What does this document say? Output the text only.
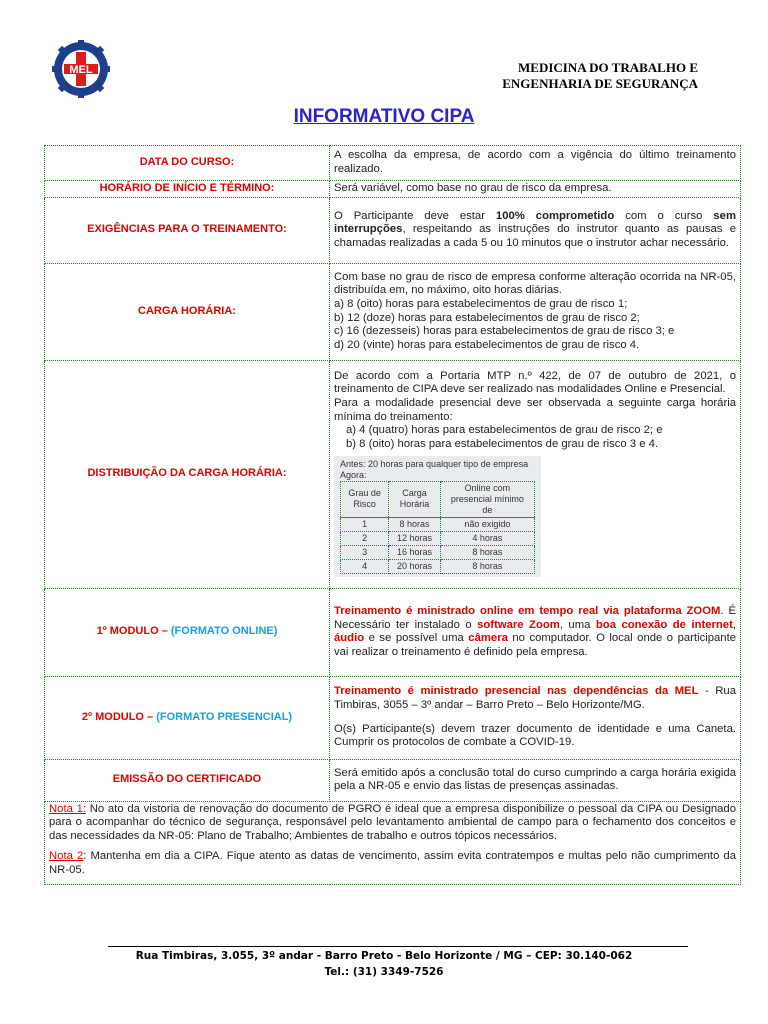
MEL	MEDICINA DO TRABALHO E
ENGENHARIA DE SEGURANÇA
INFORMATIVO CIPA
DATA DO CURSO:	A escolha da empresa, de acordo com a vigência do último treinamento realizado.
HORÁRIO DE INÍCIO E TÉRMINO:	Será variável, como base no grau de risco da empresa.
EXIGÊNCIAS PARA O TREINAMENTO:	O Participante deve estar 100% comprometido com o curso sem interrupções, respeitando as instruções do instrutor quanto as pausas e chamadas realizadas a cada 5 ou 10 minutos que o instrutor achar necessário.
CARGA HORÁRIA:	
Com base no grau de risco de empresa conforme alteração ocorrida na NR-05, distribuída em, no máximo, oito horas diárias.
a) 8 (oito) horas para estabelecimentos de grau de risco 1;
b) 12 (doze) horas para estabelecimentos de grau de risco 2;
c) 16 (dezesseis) horas para estabelecimentos de grau de risco 3; e
d) 20 (vinte) horas para estabelecimentos de grau de risco 4.

DISTRIBUIÇÃO DA CARGA HORÁRIA:	
De acordo com a Portaria MTP n.º 422, de 07 de outubro de 2021, o treinamento de CIPA deve ser realizado nas modalidades Online e Presencial.
Para a modalidade presencial deve ser observada a seguinte carga horária mínima do treinamento:
a) 4 (quatro) horas para estabelecimentos de grau de risco 2; e
b) 8 (oito) horas para estabelecimentos de grau de risco 3 e 4.
Antes: 20 horas para qualquer tipo de empresa
Agora:
Grau de Risco	Carga Horária	Online com presencial mínimo de
1	8 horas	não exigido
2	12 horas	4 horas
3	16 horas	8 horas
4	20 horas	8 horas

1º MODULO – (FORMATO ONLINE)	Treinamento é ministrado online em tempo real via plataforma ZOOM. É Necessário ter instalado o software Zoom, uma boa conexão de internet, áudio e se possível uma câmera no computador. O local onde o participante vai realizar o treinamento é definido pela empresa.
2º MODULO – (FORMATO PRESENCIAL)	
Treinamento é ministrado presencial nas dependências da MEL - Rua Timbiras, 3055 – 3º andar – Barro Preto – Belo Horizonte/MG.
O(s) Participante(s) devem trazer documento de identidade e uma Caneta. Cumprir os protocolos de combate a COVID-19.

EMISSÃO DO CERTIFICADO	Será emitido após a conclusão total do curso cumprindo a carga horária exigida pela a NR-05 e envio das listas de presenças assinadas.

Nota 1: No ato da vistoria de renovação do documento de PGRO é ideal que a empresa disponibilize o pessoal da CIPA ou Designado para o acompanhar do técnico de segurança, responsável pelo levantamento ambiental de campo para o fechamento dos conceitos e das necessidades da NR-05: Plano de Trabalho; Ambientes de trabalho e outros tópicos necessários.
Nota 2: Mantenha em dia a CIPA. Fique atento as datas de vencimento, assim evita contratempos e multas pelo não cumprimento da NR-05.
Rua Timbiras, 3.055, 3º andar - Barro Preto - Belo Horizonte / MG – CEP: 30.140-062
Tel.: (31) 3349-7526
